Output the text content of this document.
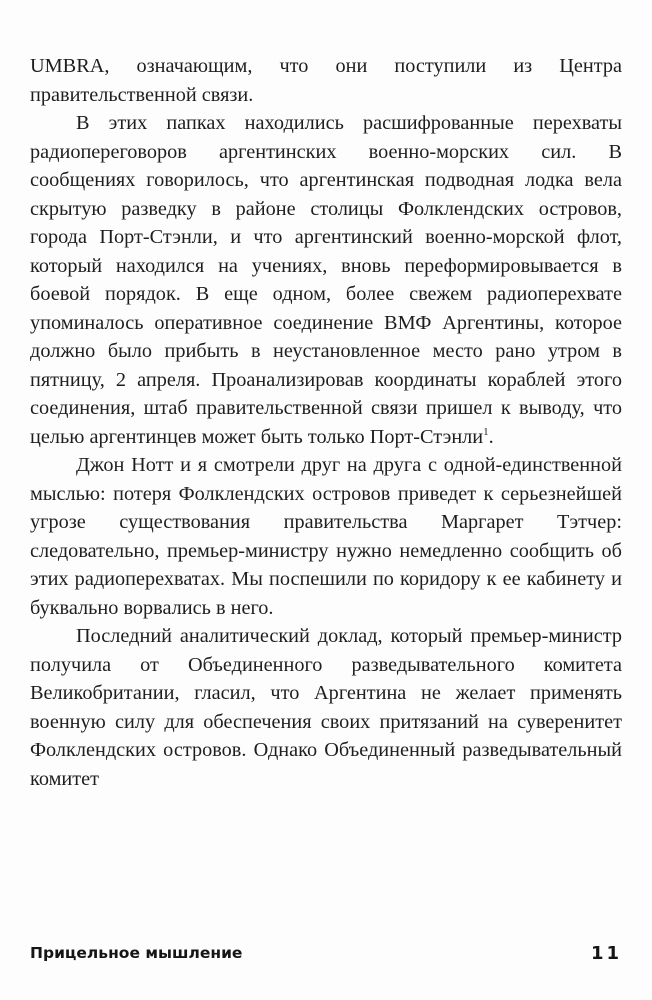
UMBRA, означающим, что они поступили из Центра правительственной связи.

В этих папках находились расшифрованные перехваты радиопереговоров аргентинских военно-морских сил. В сообщениях говорилось, что аргентинская подводная лодка вела скрытую разведку в районе столицы Фолклендских островов, города Порт-Стэнли, и что аргентинский военно-морской флот, который находился на учениях, вновь переформировывается в боевой порядок. В еще одном, более свежем радиоперехвате упоминалось оперативное соединение ВМФ Аргентины, которое должно было прибыть в неустановленное место рано утром в пятницу, 2 апреля. Проанализировав координаты кораблей этого соединения, штаб правительственной связи пришел к выводу, что целью аргентинцев может быть только Порт-Стэнли$^1$.

Джон Нотт и я смотрели друг на друга с одной-единственной мыслью: потеря Фолклендских островов приведет к серьезнейшей угрозе существования правительства Маргарет Тэтчер: следовательно, премьер-министру нужно немедленно сообщить об этих радиоперехватах. Мы поспешили по коридору к ее кабинету и буквально ворвались в него.

Последний аналитический доклад, который премьер-министр получила от Объединенного разведывательного комитета Великобритании, гласил, что Аргентина не желает применять военную силу для обеспечения своих притязаний на суверенитет Фолклендских островов. Однако Объединенный разведывательный комитет

Прицельное мышление	11
